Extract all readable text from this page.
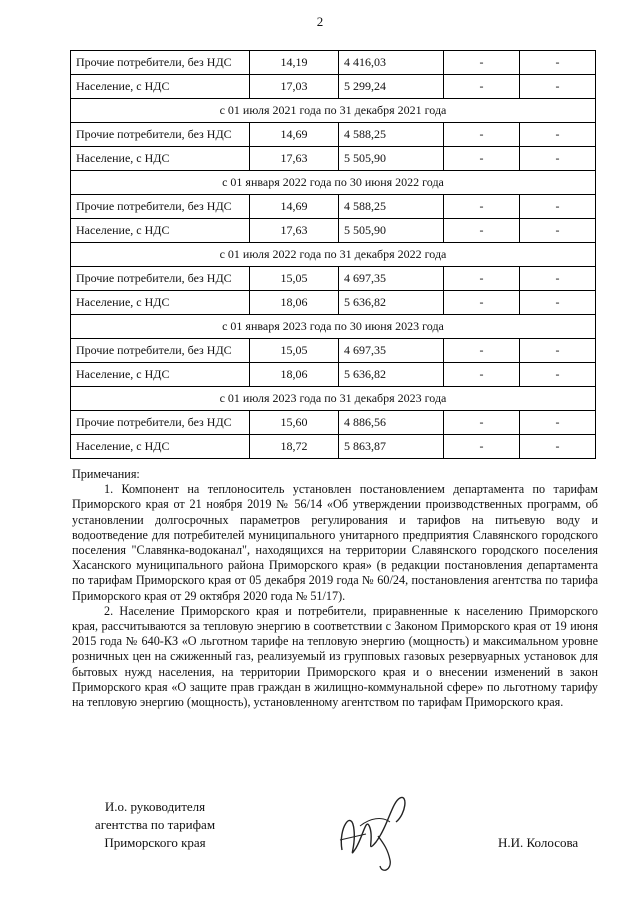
2
Прочие потребители, без НДС	14,19	4 416,03	-	-
Население, с НДС	17,03	5 299,24	-	-
с 01 июля 2021 года по 31 декабря 2021 года				
Прочие потребители, без НДС	14,69	4 588,25	-	-
Население, с НДС	17,63	5 505,90	-	-
с 01 января 2022 года по 30 июня 2022 года				
Прочие потребители, без НДС	14,69	4 588,25	-	-
Население, с НДС	17,63	5 505,90	-	-
с 01 июля 2022 года по 31 декабря 2022 года				
Прочие потребители, без НДС	15,05	4 697,35	-	-
Население, с НДС	18,06	5 636,82	-	-
с 01 января 2023 года по 30 июня 2023 года				
Прочие потребители, без НДС	15,05	4 697,35	-	-
Население, с НДС	18,06	5 636,82	-	-
с 01 июля 2023 года по 31 декабря 2023 года				
Прочие потребители, без НДС	15,60	4 886,56	-	-
Население, с НДС	18,72	5 863,87	-	-

Примечания:

1. Компонент на теплоноситель установлен постановлением департамента по тарифам Приморского края от 21 ноября 2019 № 56/14 «Об утверждении производственных программ, об установлении долгосрочных параметров регулирования и тарифов на питьевую воду и водоотведение для потребителей муниципального унитарного предприятия Славянского городского поселения "Славянка-водоканал", находящихся на территории Славянского городского поселения Хасанского муниципального района Приморского края» (в редакции постановления департамента по тарифам Приморского края от 05 декабря 2019 года № 60/24, постановления агентства по тарифа Приморского края от 29 октября 2020 года № 51/17).

2. Население Приморского края и потребители, приравненные к населению Приморского края, рассчитываются за тепловую энергию в соответствии с Законом Приморского края от 19 июня 2015 года № 640-КЗ «О льготном тарифе на тепловую энергию (мощность) и максимальном уровне розничных цен на сжиженный газ, реализуемый из групповых газовых резервуарных установок для бытовых нужд населения, на территории Приморского края и о внесении изменений в закон Приморского края «О защите прав граждан в жилищно-коммунальной сфере» по льготному тарифу на тепловую энергию (мощность), установленному агентством по тарифам Приморского края.

И.о. руководителя
агентства по тарифам
Приморского края	Н.И. Колосова
